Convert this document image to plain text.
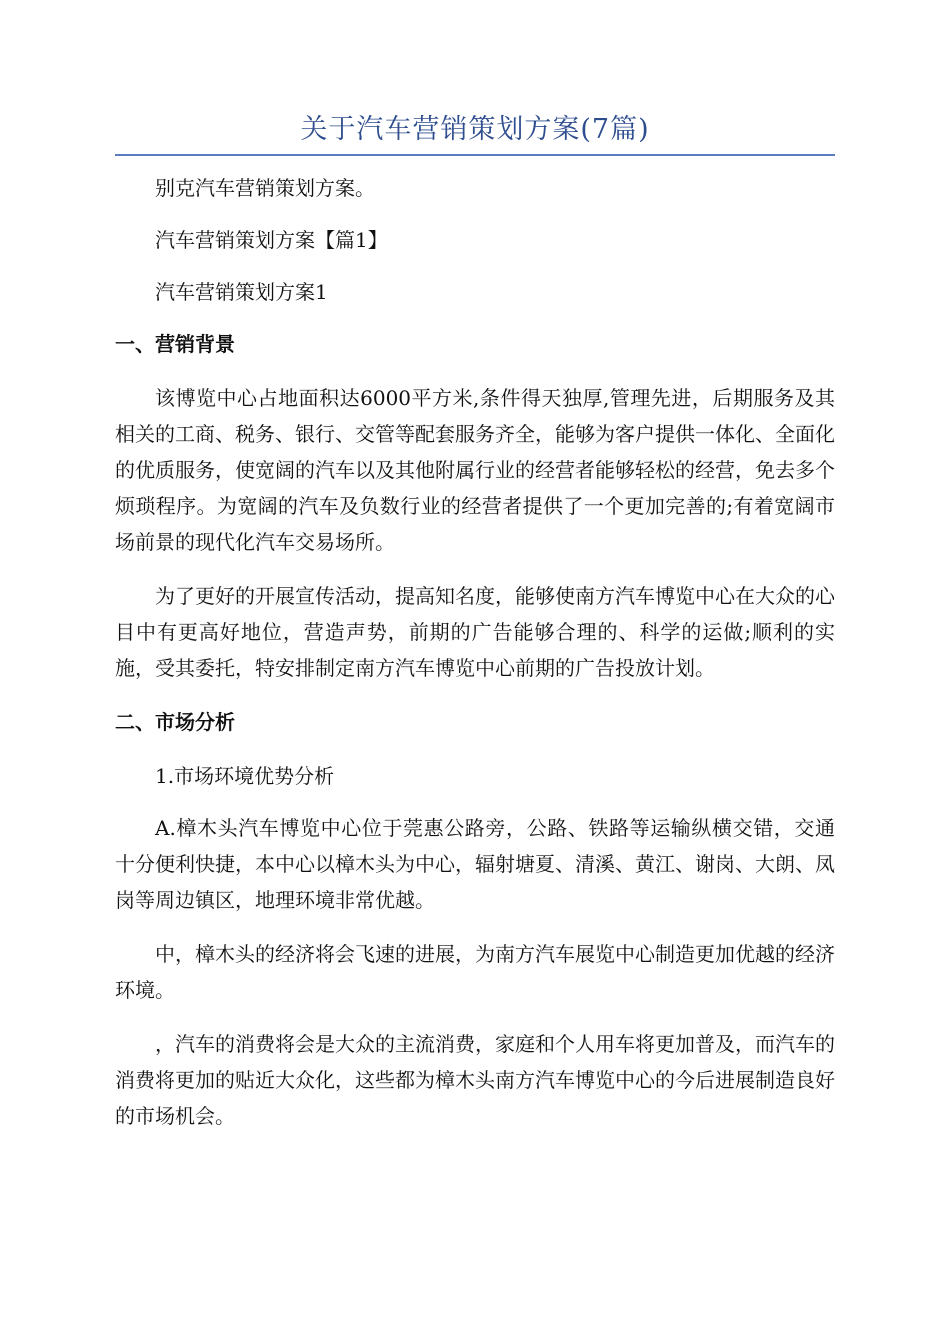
关于汽车营销策划方案(7篇)
别克汽车营销策划方案。
汽车营销策划方案【篇1】
汽车营销策划方案1
一、营销背景
该博览中心占地面积达6000平方米,条件得天独厚,管理先进，后期服务及其相关的工商、税务、银行、交管等配套服务齐全，能够为客户提供一体化、全面化的优质服务，使宽阔的汽车以及其他附属行业的经营者能够轻松的经营，免去多个烦琐程序。为宽阔的汽车及负数行业的经营者提供了一个更加完善的;有着宽阔市场前景的现代化汽车交易场所。
为了更好的开展宣传活动，提高知名度，能够使南方汽车博览中心在大众的心目中有更高好地位，营造声势，前期的广告能够合理的、科学的运做;顺利的实施，受其委托，特安排制定南方汽车博览中心前期的广告投放计划。
二、市场分析
1.市场环境优势分析
A.樟木头汽车博览中心位于莞惠公路旁，公路、铁路等运输纵横交错，交通十分便利快捷，本中心以樟木头为中心，辐射塘夏、清溪、黄江、谢岗、大朗、凤岗等周边镇区，地理环境非常优越。
中，樟木头的经济将会飞速的进展，为南方汽车展览中心制造更加优越的经济环境。
，汽车的消费将会是大众的主流消费，家庭和个人用车将更加普及，而汽车的消费将更加的贴近大众化，这些都为樟木头南方汽车博览中心的今后进展制造良好的市场机会。
